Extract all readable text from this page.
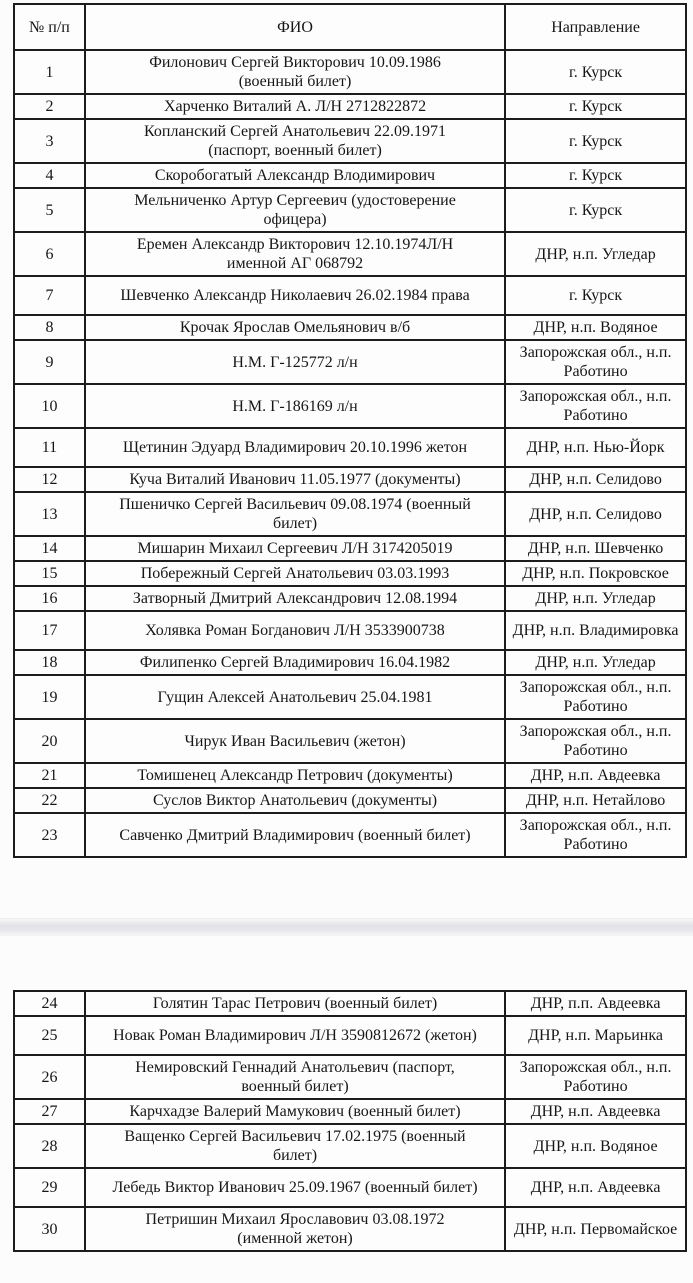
№ п/п	ФИО	Направление
1	Филонович Сергей Викторович 10.09.1986 (военный билет)	г. Курск
2	Харченко Виталий А. Л/Н 2712822872	г. Курск
3	Копланский Сергей Анатольевич 22.09.1971 (паспорт, военный билет)	г. Курск
4	Скоробогатый Александр Влодимирович	г. Курск
5	Мельниченко Артур Сергеевич (удостоверение офицера)	г. Курск
6	Еремен Александр Викторович 12.10.1974Л/Н именной АГ 068792	ДНР, н.п. Угледар
7	Шевченко Александр Николаевич 26.02.1984 права	г. Курск
8	Крочак Ярослав Омельянович в/б	ДНР, н.п. Водяное
9	Н.М. Г-125772 л/н	Запорожская обл., н.п. Работино
10	Н.М. Г-186169 л/н	Запорожская обл., н.п. Работино
11	Щетинин Эдуард Владимирович 20.10.1996 жетон	ДНР, н.п. Нью-Йорк
12	Куча Виталий Иванович 11.05.1977 (документы)	ДНР, н.п. Селидово
13	Пшеничко Сергей Васильевич 09.08.1974 (военный билет)	ДНР, н.п. Селидово
14	Мишарин Михаил Сергеевич Л/Н 3174205019	ДНР, н.п. Шевченко
15	Побережный Сергей Анатольевич 03.03.1993	ДНР, н.п. Покровское
16	Затворный Дмитрий Александрович 12.08.1994	ДНР, н.п. Угледар
17	Холявка Роман Богданович Л/Н 3533900738	ДНР, н.п. Владимировка
18	Филипенко Сергей Владимирович 16.04.1982	ДНР, н.п. Угледар
19	Гущин Алексей Анатольевич 25.04.1981	Запорожская обл., н.п. Работино
20	Чирук Иван Васильевич (жетон)	Запорожская обл., н.п. Работино
21	Томишенец Александр Петрович (документы)	ДНР, н.п. Авдеевка
22	Суслов Виктор Анатольевич (документы)	ДНР, н.п. Нетайлово
23	Савченко Дмитрий Владимирович (военный билет)	Запорожская обл., н.п. Работино
24	Голятин Тарас Петрович (военный билет)	ДНР, п.п. Авдеевка
25	Новак Роман Владимирович Л/Н 3590812672 (жетон)	ДНР, н.п. Марьинка
26	Немировский Геннадий Анатольевич (паспорт, военный билет)	Запорожская обл., н.п. Работино
27	Карчхадзе Валерий Мамукович (военный билет)	ДНР, н.п. Авдеевка
28	Ващенко Сергей Васильевич 17.02.1975 (военный билет)	ДНР, н.п. Водяное
29	Лебедь Виктор Иванович 25.09.1967 (военный билет)	ДНР, н.п. Авдеевка
30	Петришин Михаил Ярославович 03.08.1972 (именной жетон)	ДНР, н.п. Первомайское
